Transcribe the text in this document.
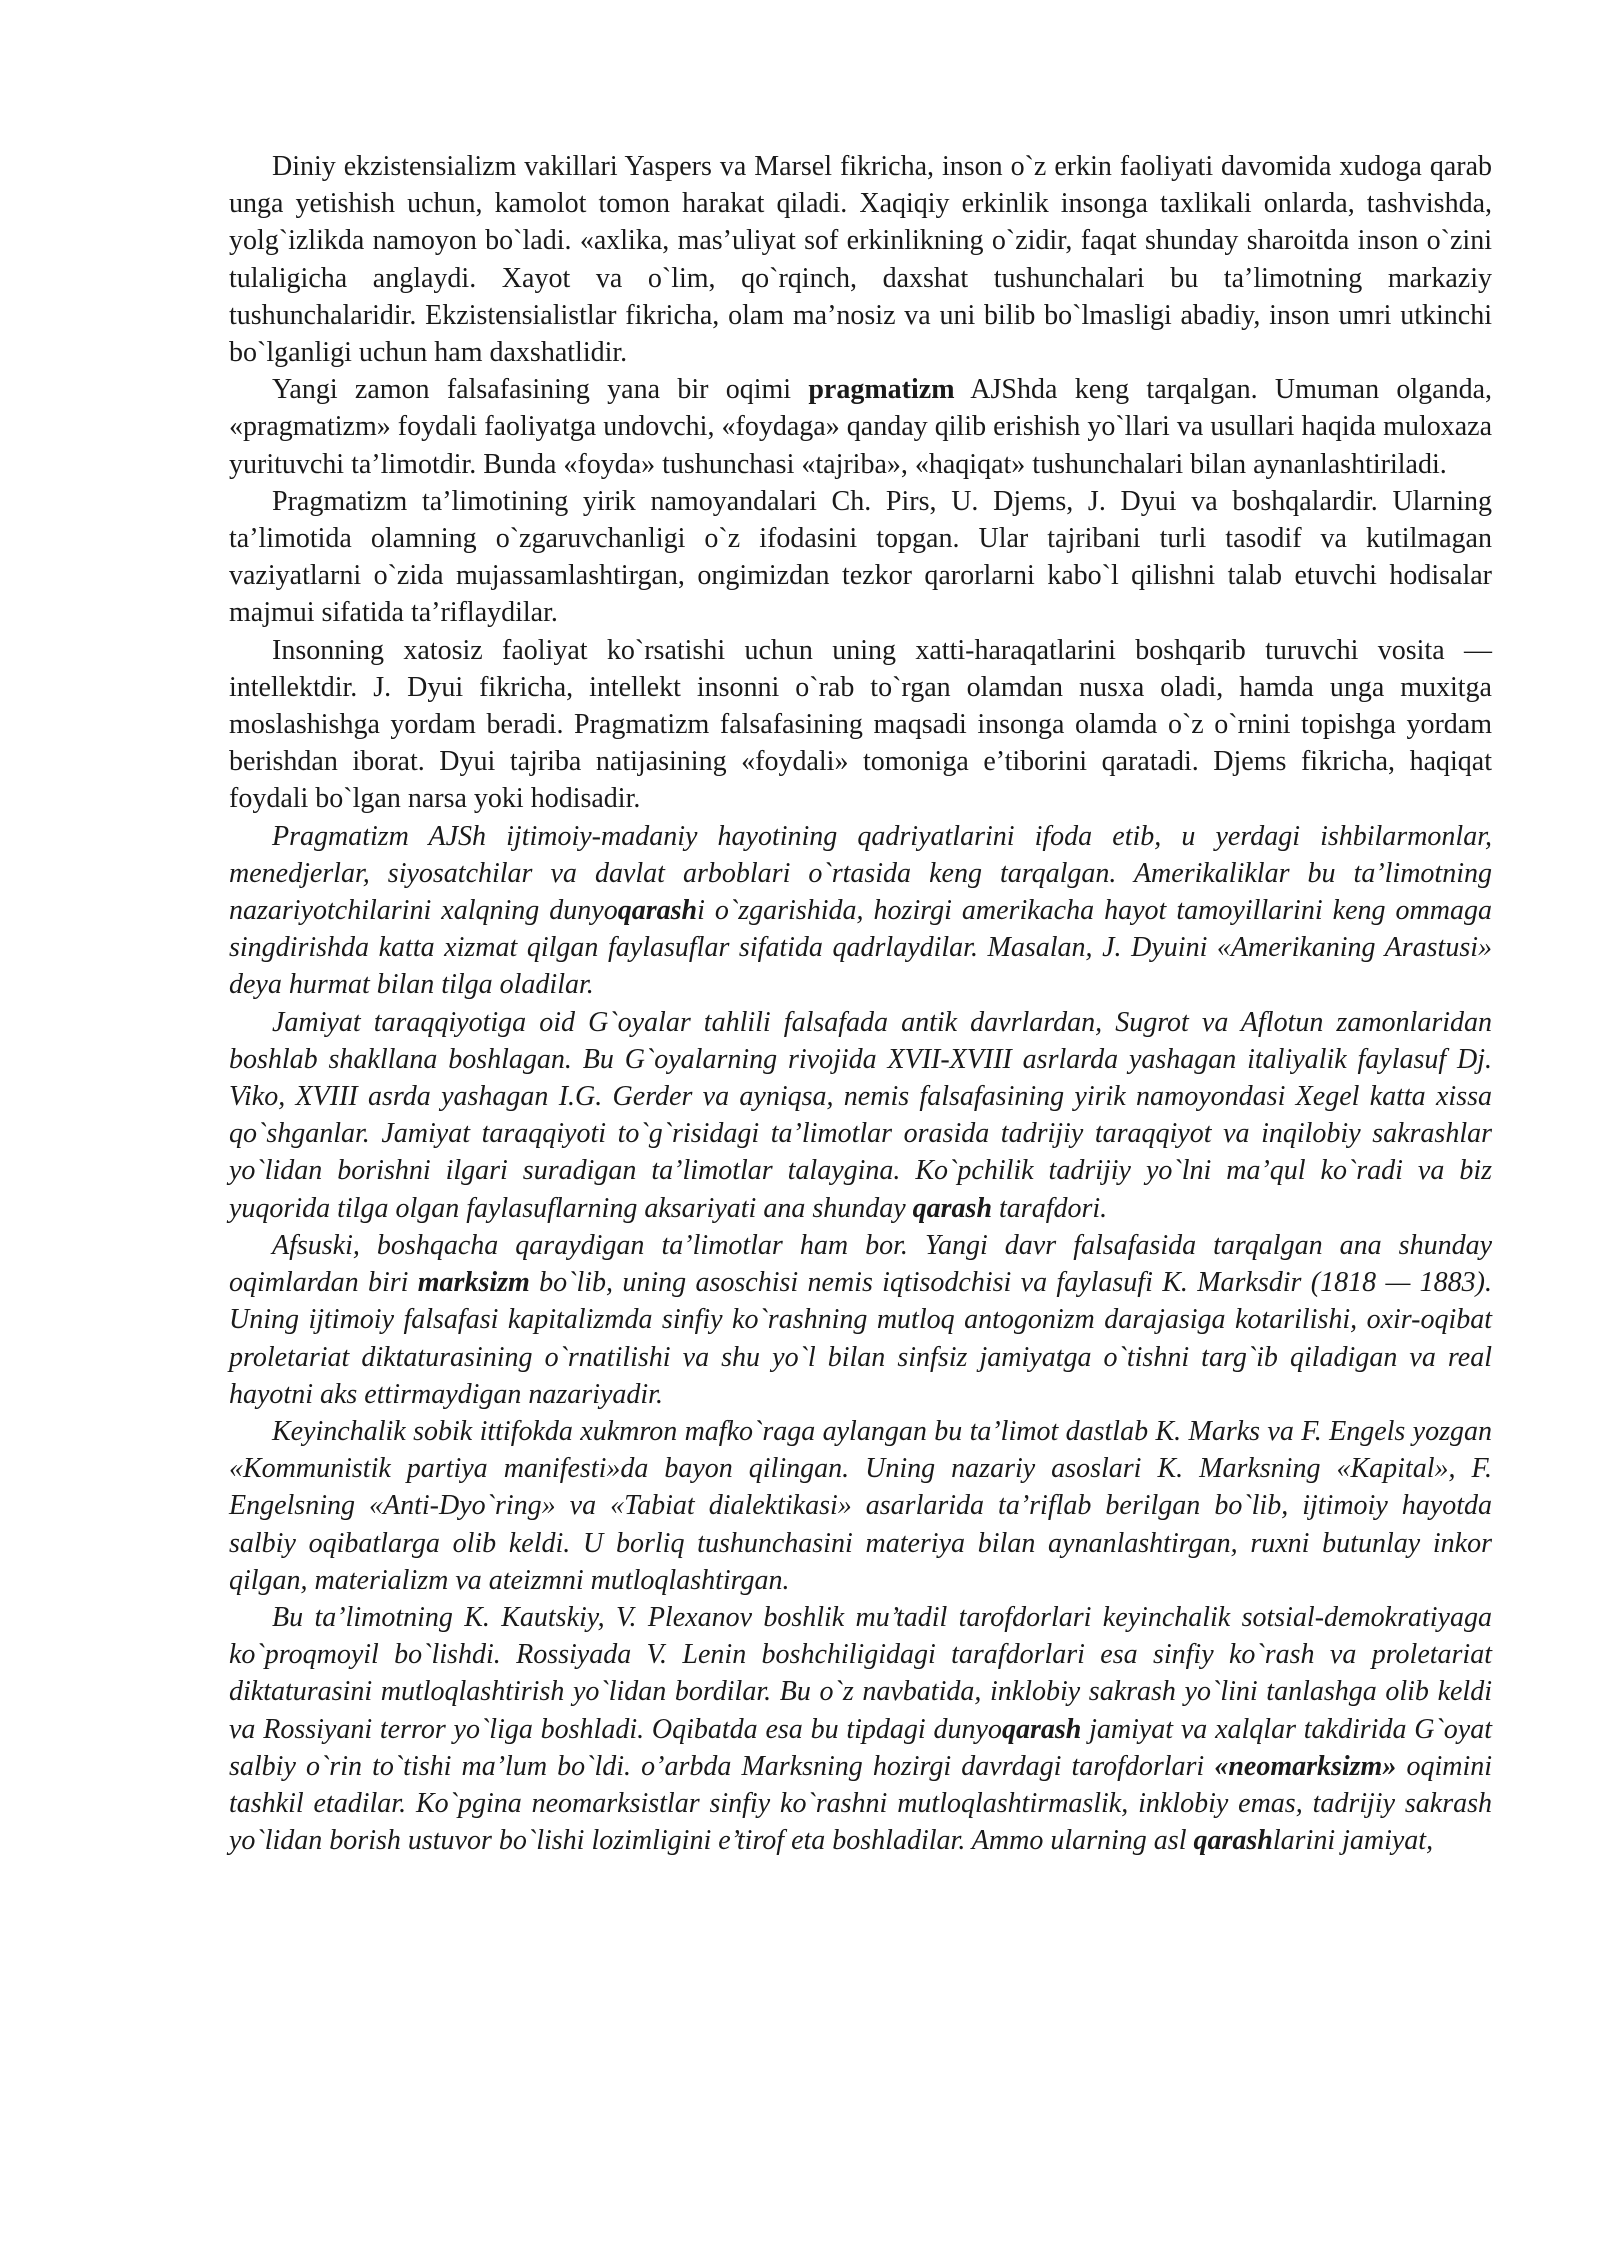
Diniy ekzistensializm vakillari Yaspers va Marsel fikricha, inson o`z erkin faoliyati davomida xudoga qarab unga yetishish uchun, kamolot tomon harakat qiladi. Xaqiqiy erkinlik insonga taxlikali onlarda, tashvishda, yolg`izlikda namoyon bo`ladi. «axlika, mas’uliyat sof erkinlikning o`zidir, faqat shunday sharoitda inson o`zini tulaligicha anglaydi. Xayot va o`lim, qo`rqinch, daxshat tushunchalari bu ta’limotning markaziy tushunchalaridir. Ekzistensialistlar fikricha, olam ma’nosiz va uni bilib bo`lmasligi abadiy, inson umri utkinchi bo`lganligi uchun ham daxshatlidir.

Yangi zamon falsafasining yana bir oqimi pragmatizm AJShda keng tarqalgan. Umuman olganda, «pragmatizm» foydali faoliyatga undovchi, «foydaga» qanday qilib erishish yo`llari va usullari haqida muloxaza yurituvchi ta’limotdir. Bunda «foyda» tushunchasi «tajriba», «haqiqat» tushunchalari bilan aynanlashtiriladi.

Pragmatizm ta’limotining yirik namoyandalari Ch. Pirs, U. Djems, J. Dyui va boshqalardir. Ularning ta’limotida olamning o`zgaruvchanligi o`z ifodasini topgan. Ular tajribani turli tasodif va kutilmagan vaziyatlarni o`zida mujassamlashtirgan, ongimizdan tezkor qarorlarni kabo`l qilishni talab etuvchi hodisalar majmui sifatida ta’riflaydilar.

Insonning xatosiz faoliyat ko`rsatishi uchun uning xatti-haraqatlarini boshqarib turuvchi vosita — intellektdir. J. Dyui fikricha, intellekt insonni o`rab to`rgan olamdan nusxa oladi, hamda unga muxitga moslashishga yordam beradi. Pragmatizm falsafasining maqsadi insonga olamda o`z o`rnini topishga yordam berishdan iborat. Dyui tajriba natijasining «foydali» tomoniga e’tiborini qaratadi. Djems fikricha, haqiqat foydali bo`lgan narsa yoki hodisadir.

Pragmatizm AJSh ijtimoiy-madaniy hayotining qadriyatlarini ifoda etib, u yerdagi ishbilarmonlar, menedjerlar, siyosatchilar va davlat arboblari o`rtasida keng tarqalgan. Amerikaliklar bu ta’limotning nazariyotchilarini xalqning dunyoqarashi o`zgarishida, hozirgi amerikacha hayot tamoyillarini keng ommaga singdirishda katta xizmat qilgan faylasuflar sifatida qadrlaydilar. Masalan, J. Dyuini «Amerikaning Arastusi» deya hurmat bilan tilga oladilar.

Jamiyat taraqqiyotiga oid G`oyalar tahlili falsafada antik davrlardan, Sugrot va Aflotun zamonlaridan boshlab shakllana boshlagan. Bu G`oyalarning rivojida XVII-XVIII asrlarda yashagan italiyalik faylasuf Dj. Viko, XVIII asrda yashagan I.G. Gerder va ayniqsa, nemis falsafasining yirik namoyondasi Xegel katta xissa qo`shganlar. Jamiyat taraqqiyoti to`g`risidagi ta’limotlar orasida tadrijiy taraqqiyot va inqilobiy sakrashlar yo`lidan borishni ilgari suradigan ta’limotlar talaygina. Ko`pchilik tadrijiy yo`lni ma’qul ko`radi va biz yuqorida tilga olgan faylasuflarning aksariyati ana shunday qarash tarafdori.

Afsuski, boshqacha qaraydigan ta’limotlar ham bor. Yangi davr falsafasida tarqalgan ana shunday oqimlardan biri marksizm bo`lib, uning asoschisi nemis iqtisodchisi va faylasufi K. Marksdir (1818 — 1883). Uning ijtimoiy falsafasi kapitalizmda sinfiy ko`rashning mutloq antogonizm darajasiga kotarilishi, oxir-oqibat proletariat diktaturasining o`rnatilishi va shu yo`l bilan sinfsiz jamiyatga o`tishni targ`ib qiladigan va real hayotni aks ettirmaydigan nazariyadir.

Keyinchalik sobik ittifokda xukmron mafko`raga aylangan bu ta’limot dastlab K. Marks va F. Engels yozgan «Kommunistik partiya manifesti»da bayon qilingan. Uning nazariy asoslari K. Marksning «Kapital», F. Engelsning «Anti-Dyo`ring» va «Tabiat dialektikasi» asarlarida ta’riflab berilgan bo`lib, ijtimoiy hayotda salbiy oqibatlarga olib keldi. U borliq tushunchasini materiya bilan aynanlashtirgan, ruxni butunlay inkor qilgan, materializm va ateizmni mutloqlashtirgan.

Bu ta’limotning K. Kautskiy, V. Plexanov boshlik mu’tadil tarofdorlari keyinchalik sotsial-demokratiyaga ko`proqmoyil bo`lishdi. Rossiyada V. Lenin boshchiligidagi tarafdorlari esa sinfiy ko`rash va proletariat diktaturasini mutloqlashtirish yo`lidan bordilar. Bu o`z navbatida, inklobiy sakrash yo`lini tanlashga olib keldi va Rossiyani terror yo`liga boshladi. Oqibatda esa bu tipdagi dunyoqarash jamiyat va xalqlar takdirida G`oyat salbiy o`rin to`tishi ma’lum bo`ldi. o’arbda Marksning hozirgi davrdagi tarofdorlari «neomarksizm» oqimini tashkil etadilar. Ko`pgina neomarksistlar sinfiy ko`rashni mutloqlashtirmaslik, inklobiy emas, tadrijiy sakrash yo`lidan borish ustuvor bo`lishi lozimligini e’tirof eta boshladilar. Ammo ularning asl qarashlarini jamiyat,
